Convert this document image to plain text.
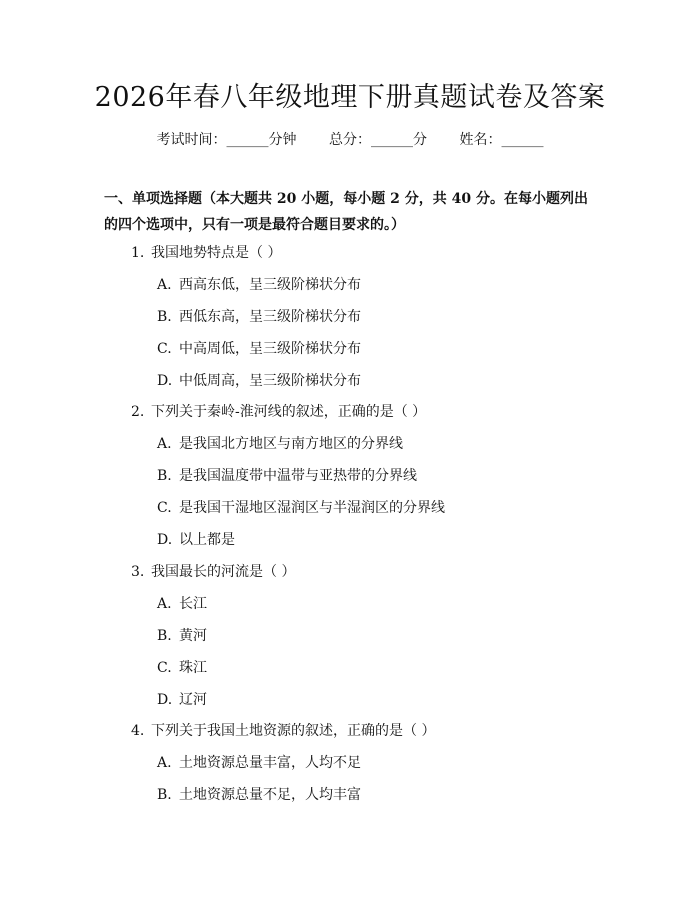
2026年春八年级地理下册真题试卷及答案
考试时间：______分钟 总分：______分 姓名：______
一、单项选择题（本大题共 20 小题，每小题 2 分，共 40 分。在每小题列出的四个选项中，只有一项是最符合题目要求的。）
1. 我国地势特点是（ ）
A. 西高东低，呈三级阶梯状分布
B. 西低东高，呈三级阶梯状分布
C. 中高周低，呈三级阶梯状分布
D. 中低周高，呈三级阶梯状分布
2. 下列关于秦岭-淮河线的叙述，正确的是（ ）
A. 是我国北方地区与南方地区的分界线
B. 是我国温度带中温带与亚热带的分界线
C. 是我国干湿地区湿润区与半湿润区的分界线
D. 以上都是
3. 我国最长的河流是（ ）
A. 长江
B. 黄河
C. 珠江
D. 辽河
4. 下列关于我国土地资源的叙述，正确的是（ ）
A. 土地资源总量丰富，人均不足
B. 土地资源总量不足，人均丰富
